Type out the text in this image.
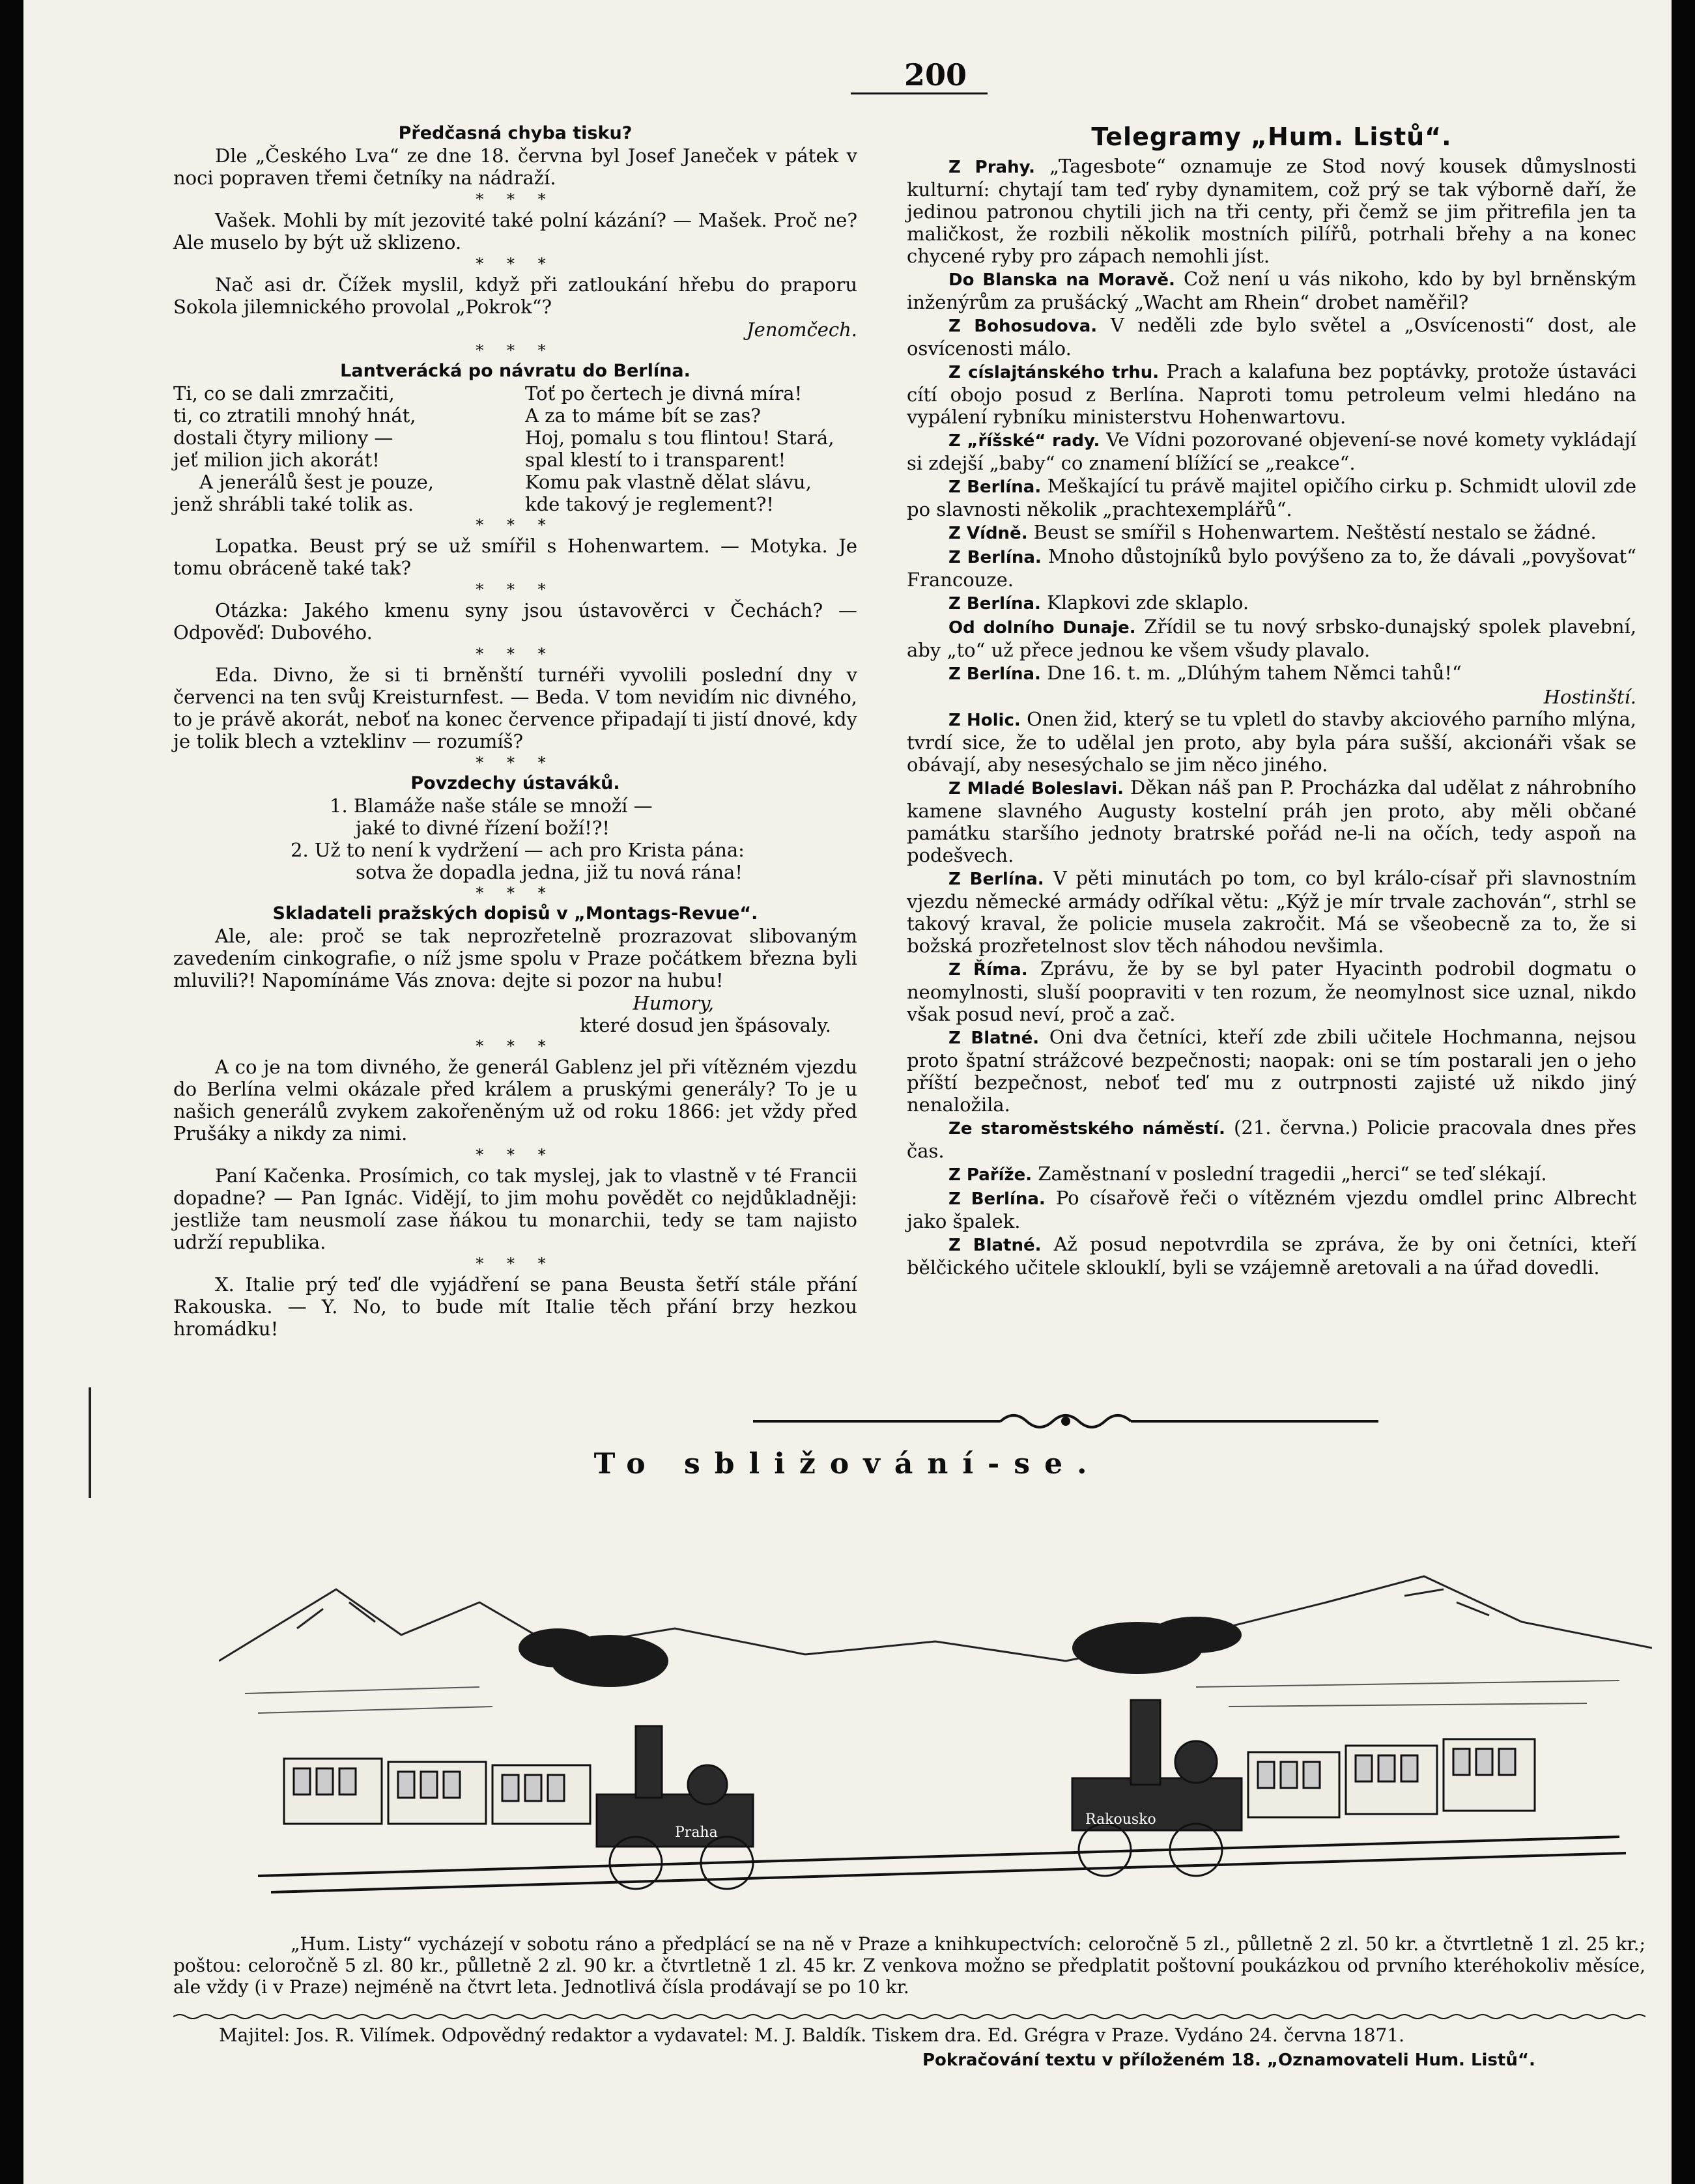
200
Předčasná chyba tisku?

Dle „Českého Lva“ ze dne 18. června byl Josef Janeček v pátek v noci popraven třemi četníky na nádraží.

* * *

Vašek. Mohli by mít jezovité také polní kázání? — Mašek. Proč ne? Ale muselo by být už sklizeno.

* * *

Nač asi dr. Čížek myslil, když při zatloukání hřebu do praporu Sokola jilemnického provolal „Pokrok“?

Jenomčech.
* * *
Lantverácká po návratu do Berlína.
Ti, co se dali zmrzačiti,
ti, co ztratili mnohý hnát,
dostali čtyry miliony —
jeť milion jich akorát!
A jenerálů šest je pouze,
jenž shrábli také tolik as.
Toť po čertech je divná míra!
A za to máme bít se zas?
Hoj, pomalu s tou flintou! Stará,
spal klestí to i transparent!
Komu pak vlastně dělat slávu,
kde takový je reglement?!
* * *

Lopatka. Beust prý se už smířil s Hohenwartem. — Motyka. Je tomu obráceně také tak?

* * *

Otázka: Jakého kmenu syny jsou ústavověrci v Čechách? — Odpověď: Dubového.

* * *

Eda. Divno, že si ti brněnští turnéři vyvolili poslední dny v červenci na ten svůj Kreisturnfest. — Beda. V tom nevidím nic divného, to je právě akorát, neboť na konec července připadají ti jistí dnové, kdy je tolik blech a vzteklinv — rozumíš?

* * *
Povzdechy ústaváků.
1. Blamáže naše stále se množí —
jaké to divné řízení boží!?!
2. Už to není k vydržení — ach pro Krista pána:
sotva že dopadla jedna, již tu nová rána!
* * *
Skladateli pražských dopisů v „Montags-Revue“.

Ale, ale: proč se tak neprozřetelně prozrazovat slibovaným zavedením cinkografie, o níž jsme spolu v Praze počátkem března byli mluvili?! Napomínáme Vás znova: dejte si pozor na hubu!

Humory,
které dosud jen špásovaly.
* * *

A co je na tom divného, že generál Gablenz jel při vítězném vjezdu do Berlína velmi okázale před králem a pruskými generály? To je u našich generálů zvykem zakořeněným už od roku 1866: jet vždy před Prušáky a nikdy za nimi.

* * *

Paní Kačenka. Prosímich, co tak myslej, jak to vlastně v té Francii dopadne? — Pan Ignác. Vidějí, to jim mohu povědět co nejdůkladněji: jestliže tam neusmolí zase ňákou tu monarchii, tedy se tam najisto udrží republika.

* * *

X. Italie prý teď dle vyjádření se pana Beusta šetří stále přání Rakouska. — Y. No, to bude mít Italie těch přání brzy hezkou hromádku!

Telegramy „Hum. Listů“.

Z Prahy. „Tagesbote“ oznamuje ze Stod nový kousek důmyslnosti kulturní: chytají tam teď ryby dynamitem, což prý se tak výborně daří, že jedinou patronou chytili jich na tři centy, při čemž se jim přitrefila jen ta maličkost, že rozbili několik mostních pilířů, potrhali břehy a na konec chycené ryby pro zápach nemohli jíst.

Do Blanska na Moravě. Což není u vás nikoho, kdo by byl brněnským inženýrům za prušácký „Wacht am Rhein“ drobet naměřil?

Z Bohosudova. V neděli zde bylo světel a „Osvícenosti“ dost, ale osvícenosti málo.

Z císlajtánského trhu. Prach a kalafuna bez poptávky, protože ústaváci cítí obojo posud z Berlína. Naproti tomu petroleum velmi hledáno na vypálení rybníku ministerstvu Hohenwartovu.

Z „říšské“ rady. Ve Vídni pozorované objevení-se nové komety vykládají si zdejší „baby“ co znamení blížící se „reakce“.

Z Berlína. Meškající tu právě majitel opičího cirku p. Schmidt ulovil zde po slavnosti několik „prachtexemplářů“.

Z Vídně. Beust se smířil s Hohenwartem. Neštěstí nestalo se žádné.

Z Berlína. Mnoho důstojníků bylo povýšeno za to, že dávali „povyšovat“ Francouze.

Z Berlína. Klapkovi zde sklaplo.

Od dolního Dunaje. Zřídil se tu nový srbsko-dunajský spolek plavební, aby „to“ už přece jednou ke všem všudy plavalo.

Z Berlína. Dne 16. t. m. „Dlúhým tahem Němci tahů!“

Hostinští.

Z Holic. Onen žid, který se tu vpletl do stavby akciového parního mlýna, tvrdí sice, že to udělal jen proto, aby byla pára sušší, akcionáři však se obávají, aby nesesýchalo se jim něco jiného.

Z Mladé Boleslavi. Děkan náš pan P. Procházka dal udělat z náhrobního kamene slavného Augusty kostelní práh jen proto, aby měli občané památku staršího jednoty bratrské pořád ne-li na očích, tedy aspoň na podešvech.

Z Berlína. V pěti minutách po tom, co byl králo-císař při slavnostním vjezdu německé armády odříkal větu: „Kýž je mír trvale zachován“, strhl se takový kraval, že policie musela zakročit. Má se všeobecně za to, že si božská prozřetelnost slov těch náhodou nevšimla.

Z Říma. Zprávu, že by se byl pater Hyacinth podrobil dogmatu o neomylnosti, sluší poopraviti v ten rozum, že neomylnost sice uznal, nikdo však posud neví, proč a zač.

Z Blatné. Oni dva četníci, kteří zde zbili učitele Hochmanna, nejsou proto špatní strážcové bezpečnosti; naopak: oni se tím postarali jen o jeho příští bezpečnost, neboť teď mu z outrpnosti zajisté už nikdo jiný nenaložila.

Ze staroměstského náměstí. (21. června.) Policie pracovala dnes přes čas.

Z Paříže. Zaměstnaní v poslední tragedii „herci“ se teď slékají.

Z Berlína. Po císařově řeči o vítězném vjezdu omdlel princ Albrecht jako špalek.

Z Blatné. Až posud nepotvrdila se zpráva, že by oni četníci, kteří bělčického učitele sklouklí, byli se vzájemně aretovali a na úřad dovedli.

To sbližování-se.
Praha
Rakousko

„Hum. Listy“ vycházejí v sobotu ráno a předplácí se na ně v Praze a knihkupectvích: celoročně 5 zl., půlletně 2 zl. 50 kr. a čtvrtletně 1 zl. 25 kr.; poštou: celoročně 5 zl. 80 kr., půlletně 2 zl. 90 kr. a čtvrtletně 1 zl. 45 kr. Z venkova možno se předplatit poštovní poukázkou od prvního kteréhokoliv měsíce, ale vždy (i v Praze) nejméně na čtvrt leta. Jednotlivá čísla prodávají se po 10 kr.

Majitel: Jos. R. Vilímek. Odpovědný redaktor a vydavatel: M. J. Baldík. Tiskem dra. Ed. Grégra v Praze. Vydáno 24. června 1871.
Pokračování textu v příloženém 18. „Oznamovateli Hum. Listů“.
